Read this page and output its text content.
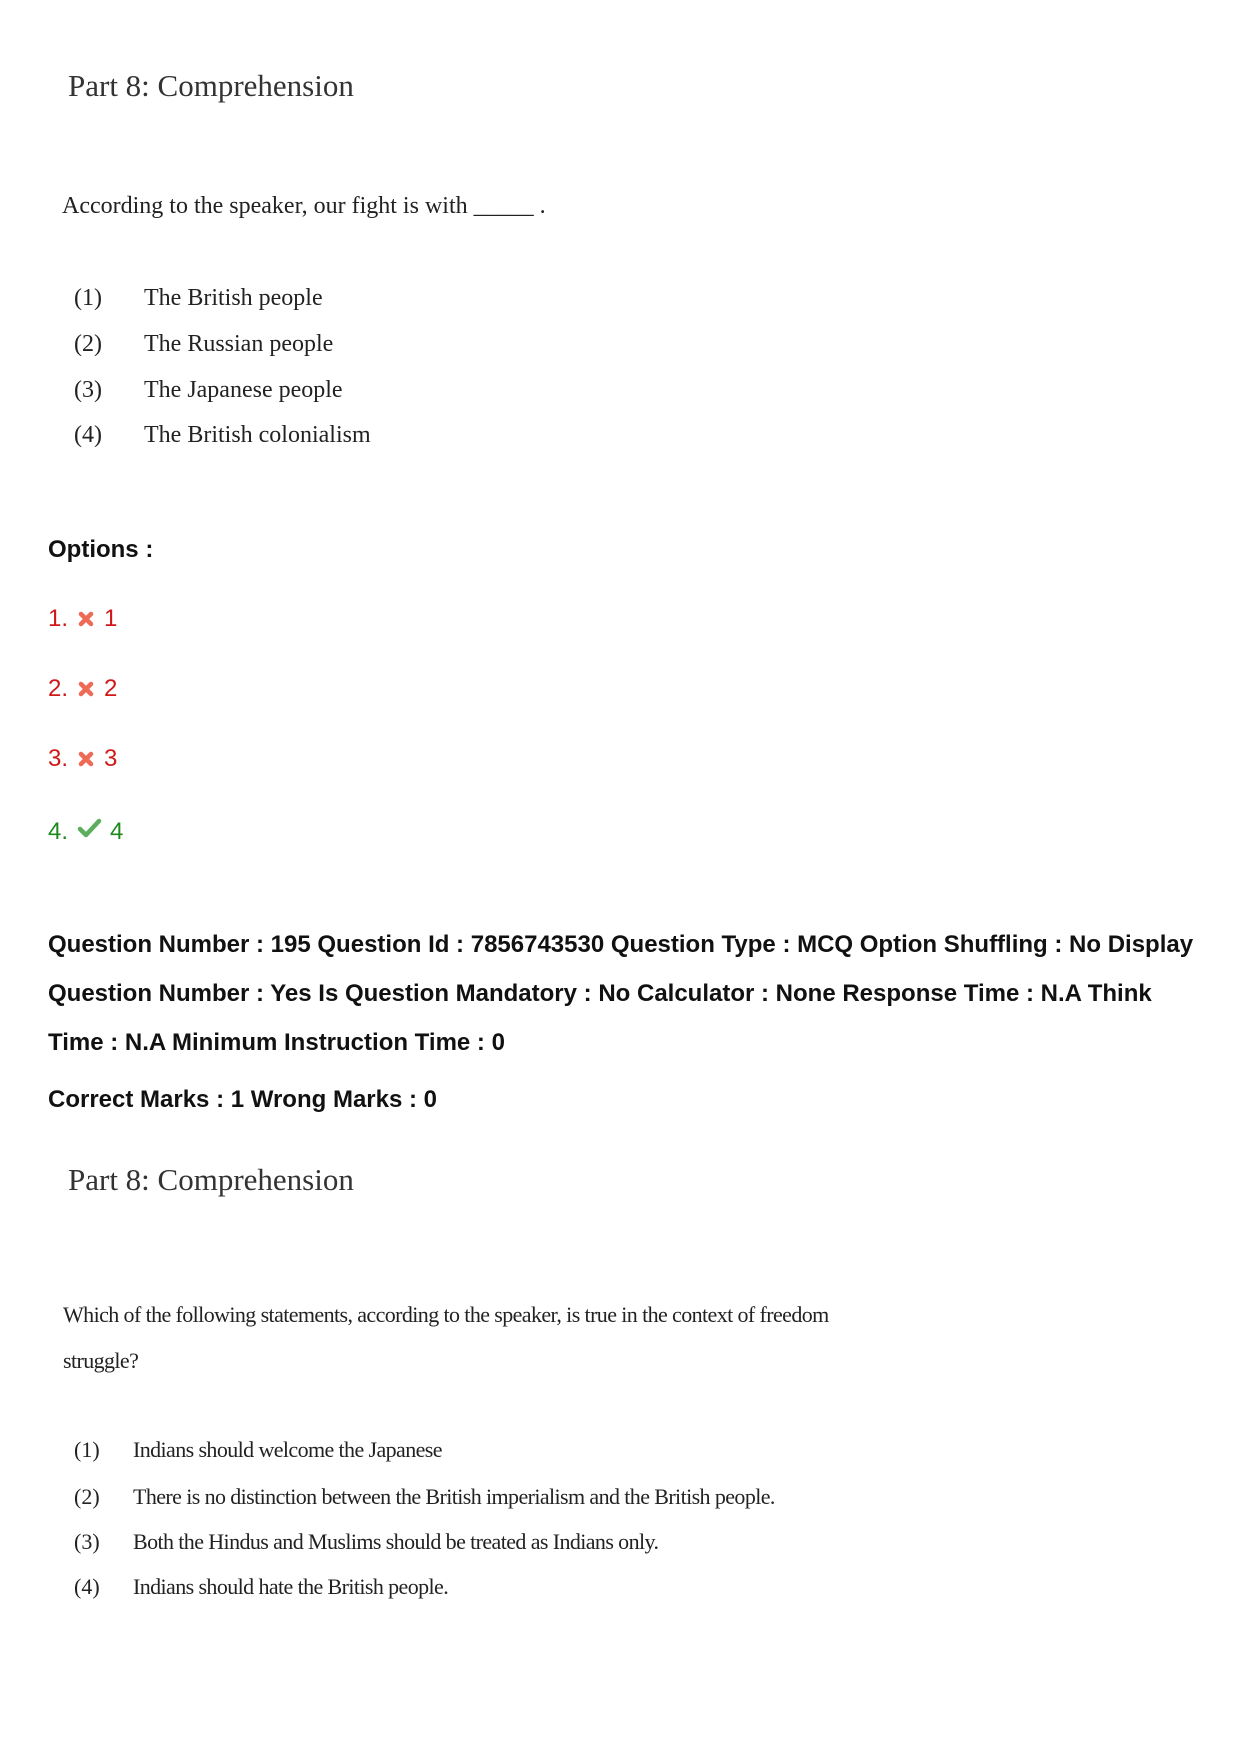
Part 8: Comprehension
According to the speaker, our fight is with _____ .
(1) The British people
(2) The Russian people
(3) The Japanese people
(4) The British colonialism
Options :
1. 1
2. 2
3. 3
4. 4
Question Number : 195 Question Id : 7856743530 Question Type : MCQ Option Shuffling : No Display Question Number : Yes Is Question Mandatory : No Calculator : None Response Time : N.A Think Time : N.A Minimum Instruction Time : 0
Correct Marks : 1 Wrong Marks : 0
Part 8: Comprehension
Which of the following statements, according to the speaker, is true in the context of freedom
struggle?
(1) Indians should welcome the Japanese
(2) There is no distinction between the British imperialism and the British people.
(3) Both the Hindus and Muslims should be treated as Indians only.
(4) Indians should hate the British people.
